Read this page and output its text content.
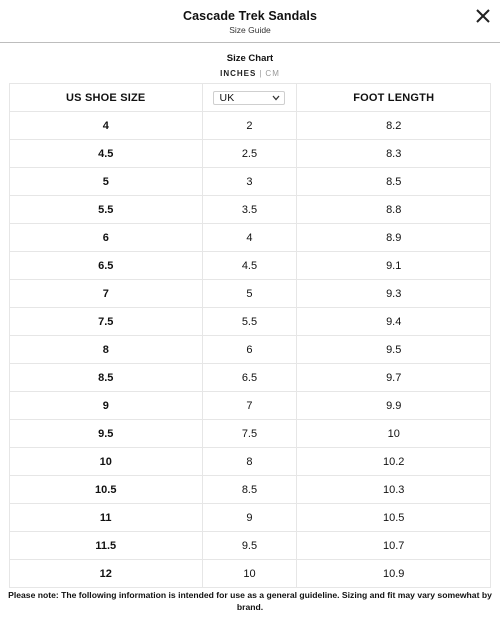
Cascade Trek Sandals
Size Guide
Size Chart
INCHES | CM
US SHOE SIZE	UK	FOOT LENGTH
4	2	8.2
4.5	2.5	8.3
5	3	8.5
5.5	3.5	8.8
6	4	8.9
6.5	4.5	9.1
7	5	9.3
7.5	5.5	9.4
8	6	9.5
8.5	6.5	9.7
9	7	9.9
9.5	7.5	10
10	8	10.2
10.5	8.5	10.3
11	9	10.5
11.5	9.5	10.7
12	10	10.9
Please note: The following information is intended for use as a general guideline. Sizing and fit may vary somewhat by brand.
